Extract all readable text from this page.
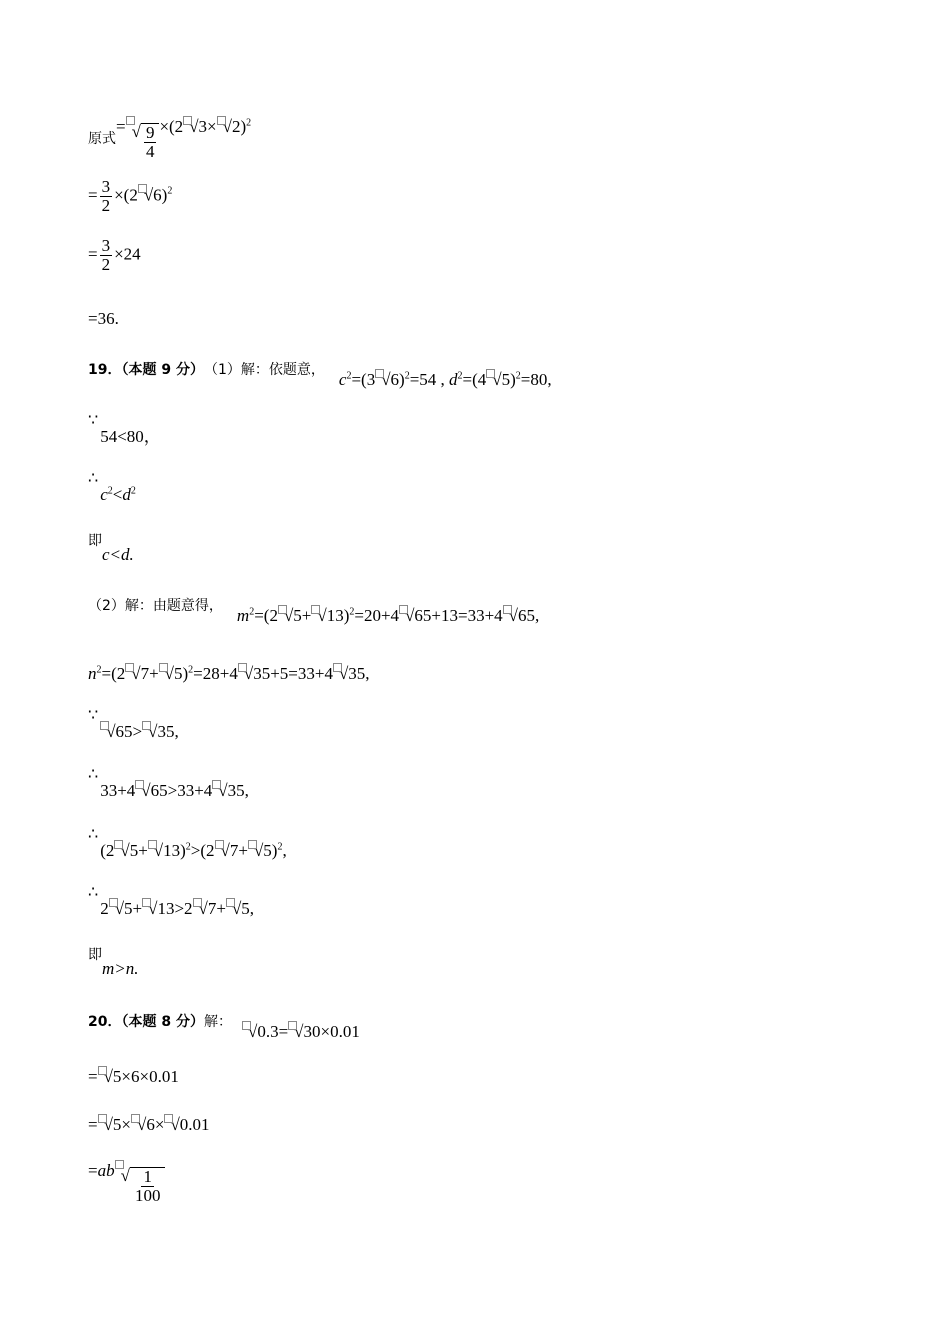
原式
= √ $\frac{9}{4} \times(2$ √3× √2)$^2$
= $\frac{3}{2} \times(2$ √6)$^2$
= $\frac{3}{2} \times 24$
=36.
19．（本题 9 分） （1）解：依题意，
$c^2=(3$ √6)$^2$=54 , $d^2=(4$ √5)$^2$=80,
∵
54<80，
∴
$c^2<d^2$
即
c<d.
（2）解：由题意得，
$m^2=(2$ √5+ √13)$^2$=20+4 √65+13=33+4 √65,
$n^2=(2$ √7+ √5)$^2$=28+4 √35+5=33+4 √35,
∵
√65> √35,
∴
33+4 √65>33+4 √35,
∴
(2 √5+ √13)$^2$>(2 √7+ √5)$^2$,
∴
2 √5+ √13>2 √7+ √5,
即
m>n.
20．（本题 8 分） 解：
√0.3= √30×0.01
= √5×6×0.01
= √5× √6× √0.01
=ab √ $\frac{1}{100}$
